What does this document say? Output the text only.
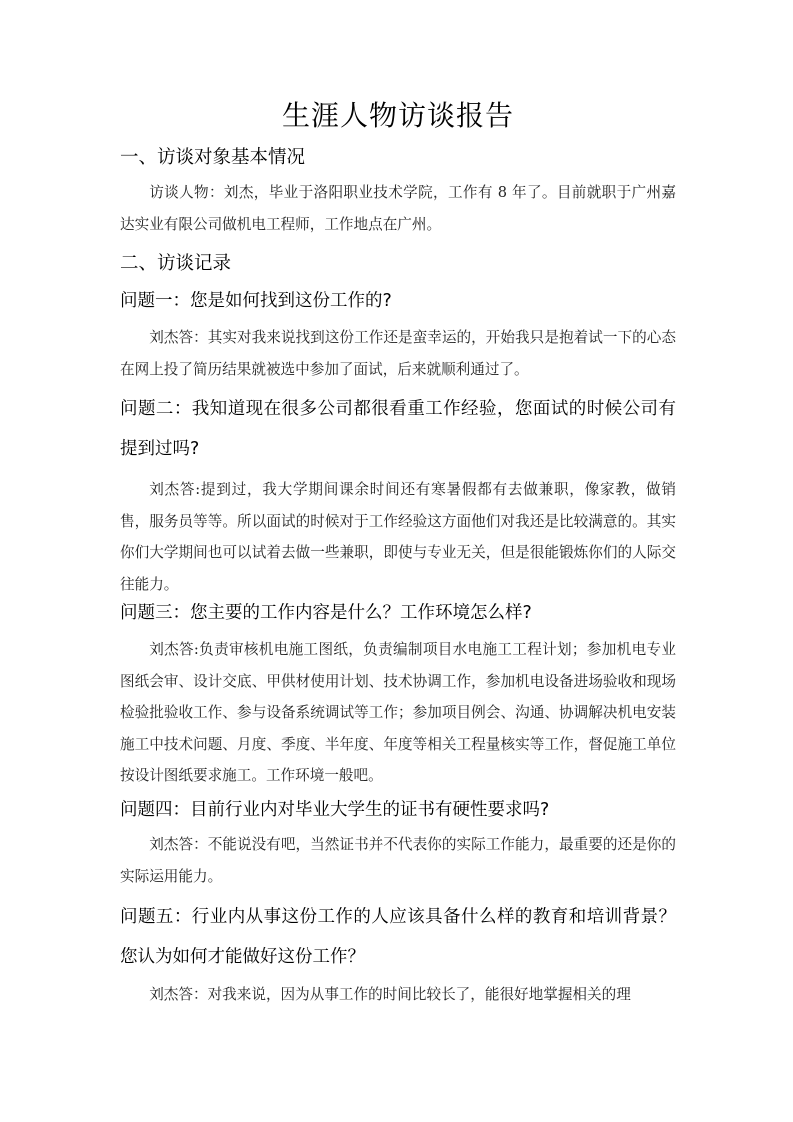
生涯人物访谈报告
一、访谈对象基本情况
访谈人物：刘杰，毕业于洛阳职业技术学院，工作有 8 年了。目前就职于广州嘉达实业有限公司做机电工程师，工作地点在广州。
二、访谈记录
问题一：您是如何找到这份工作的?
刘杰答：其实对我来说找到这份工作还是蛮幸运的，开始我只是抱着试一下的心态在网上投了简历结果就被选中参加了面试，后来就顺利通过了。
问题二：我知道现在很多公司都很看重工作经验，您面试的时候公司有提到过吗?
刘杰答:提到过，我大学期间课余时间还有寒暑假都有去做兼职，像家教，做销售，服务员等等。所以面试的时候对于工作经验这方面他们对我还是比较满意的。其实你们大学期间也可以试着去做一些兼职，即使与专业无关，但是很能锻炼你们的人际交往能力。
问题三：您主要的工作内容是什么？工作环境怎么样?
刘杰答:负责审核机电施工图纸，负责编制项目水电施工工程计划；参加机电专业图纸会审、设计交底、甲供材使用计划、技术协调工作，参加机电设备进场验收和现场检验批验收工作、参与设备系统调试等工作；参加项目例会、沟通、协调解决机电安装施工中技术问题、月度、季度、半年度、年度等相关工程量核实等工作，督促施工单位按设计图纸要求施工。工作环境一般吧。
问题四：目前行业内对毕业大学生的证书有硬性要求吗?
刘杰答：不能说没有吧，当然证书并不代表你的实际工作能力，最重要的还是你的实际运用能力。
问题五：行业内从事这份工作的人应该具备什么样的教育和培训背景？您认为如何才能做好这份工作？
刘杰答：对我来说，因为从事工作的时间比较长了，能很好地掌握相关的理
